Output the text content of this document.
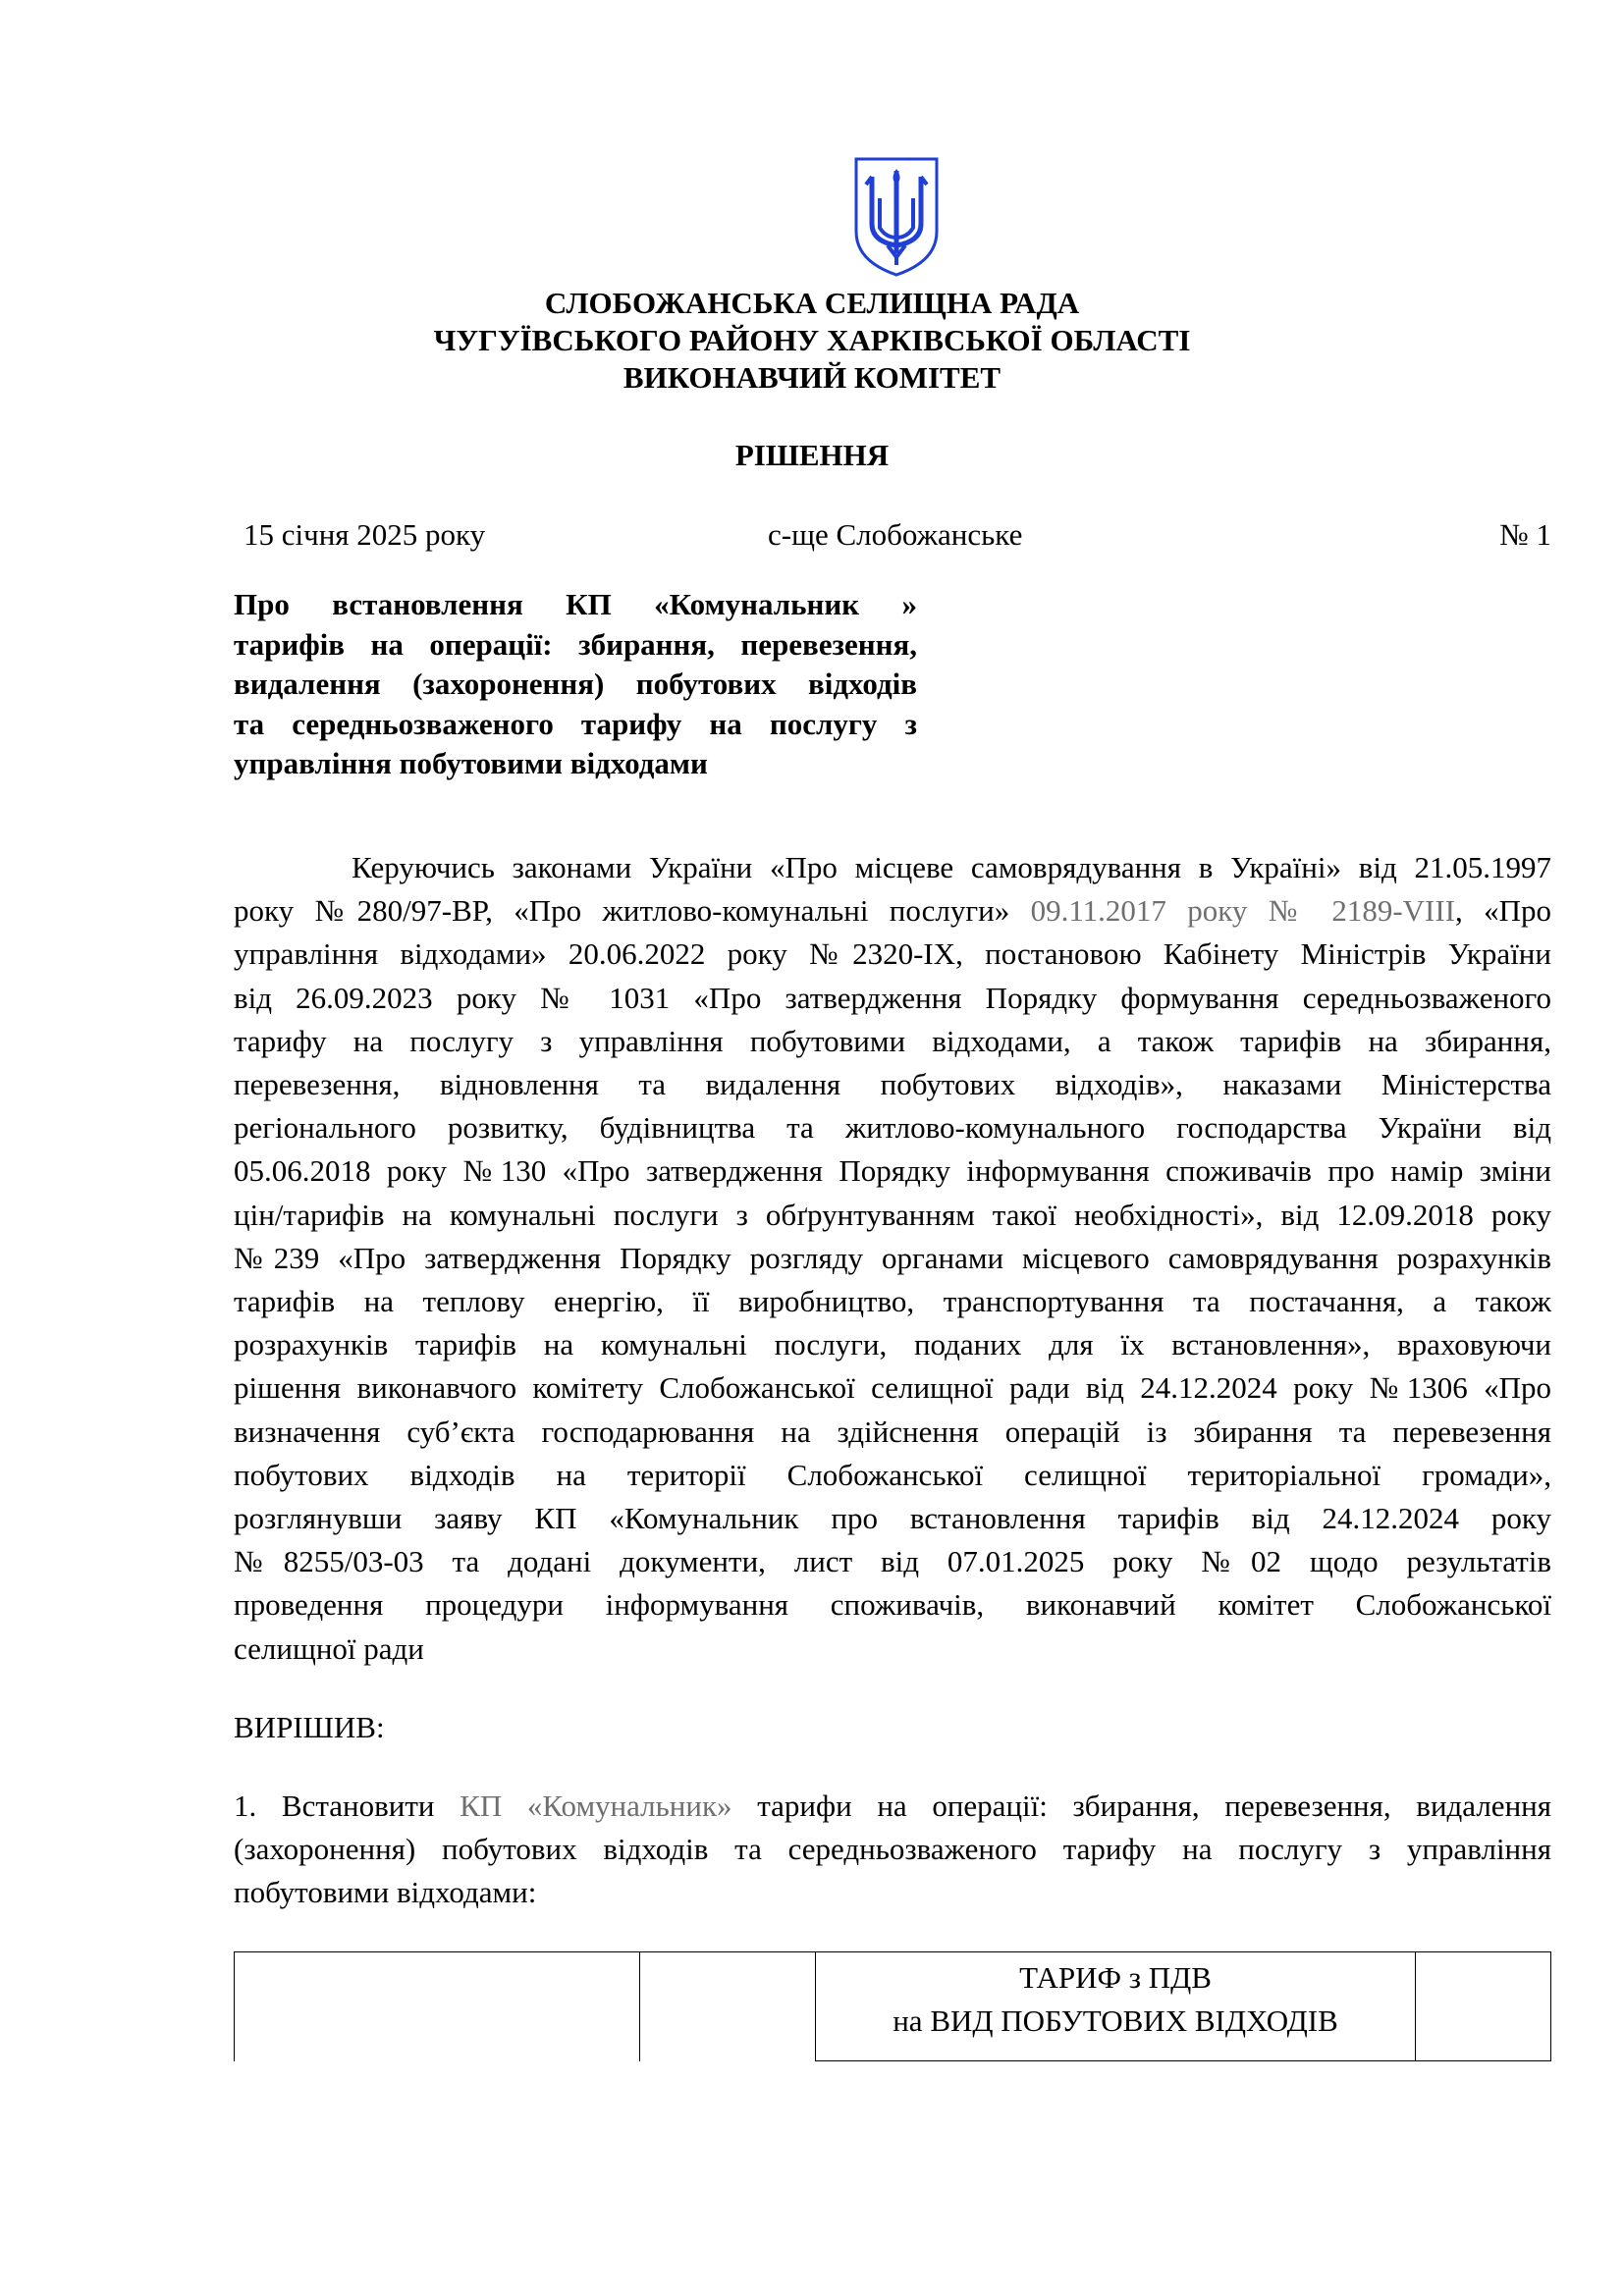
СЛОБОЖАНСЬКА СЕЛИЩНА РАДА
ЧУГУЇВСЬКОГО РАЙОНУ ХАРКІВСЬКОЇ ОБЛАСТІ
ВИКОНАВЧИЙ КОМІТЕТ
РІШЕННЯ
15 січня 2025 року	с-ще Слобожанське	№ 1
Про встановлення КП «Комунальник »
тарифів на операції: збирання, перевезення,
видалення (захоронення) побутових відходів
та середньозваженого тарифу на послугу з
управління побутовими відходами
Керуючись законами України «Про місцеве самоврядування в Україні» від 21.05.1997
року №280/97-ВР, «Про житлово-комунальні послуги» 09.11.2017 року № 2189-VIII, «Про
управління відходами» 20.06.2022 року №2320-IX, постановою Кабінету Міністрів України
від 26.09.2023 року № 1031 «Про затвердження Порядку формування середньозваженого
тарифу на послугу з управління побутовими відходами, а також тарифів на збирання,
перевезення, відновлення та видалення побутових відходів», наказами Міністерства
регіонального розвитку, будівництва та житлово-комунального господарства України від
05.06.2018 року №130 «Про затвердження Порядку інформування споживачів про намір зміни
цін/тарифів на комунальні послуги з обґрунтуванням такої необхідності», від 12.09.2018 року
№239 «Про затвердження Порядку розгляду органами місцевого самоврядування розрахунків
тарифів на теплову енергію, її виробництво, транспортування та постачання, а також
розрахунків тарифів на комунальні послуги, поданих для їх встановлення», враховуючи
рішення виконавчого комітету Слобожанської селищної ради від 24.12.2024 року №1306 «Про
визначення суб’єкта господарювання на здійснення операцій із збирання та перевезення
побутових відходів на території Слобожанської селищної територіальної громади»,
розглянувши заяву КП «Комунальник про встановлення тарифів від 24.12.2024 року
№8255/03-03 та додані документи, лист від 07.01.2025 року №02 щодо результатів
проведення процедури інформування споживачів, виконавчий комітет Слобожанської
селищної ради
ВИРІШИВ:
1. Встановити КП «Комунальник» тарифи на операції: збирання, перевезення, видалення
(захоронення) побутових відходів та середньозваженого тарифу на послугу з управління
побутовими відходами:

ТАРИФ з ПДВ
на ВИД ПОБУТОВИХ ВІДХОДІВ
